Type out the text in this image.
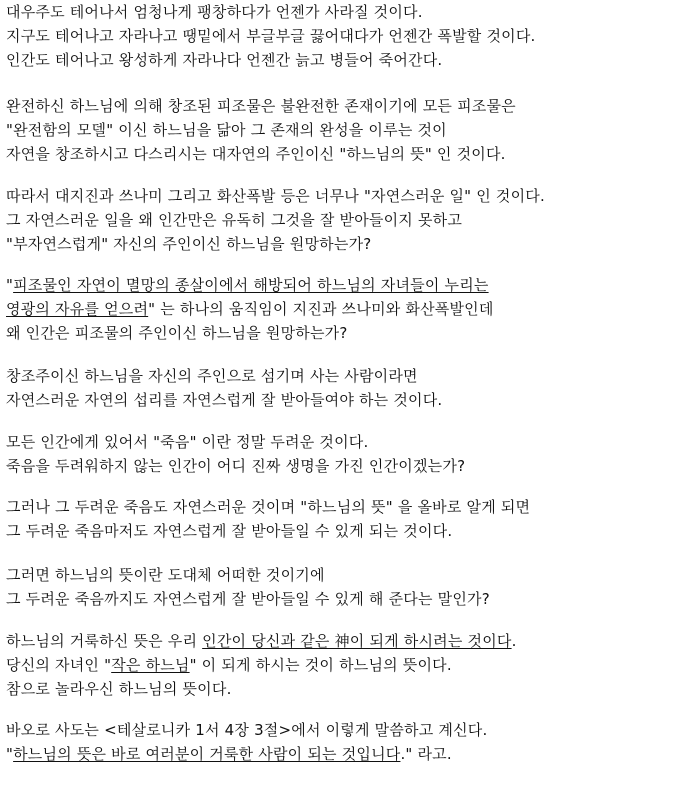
대우주도 테어나서 엄청나게 팽창하다가 언젠가 사라질 것이다.
지구도 테어나고 자라나고 땡밑에서 부글부글 끓어대다가 언젠간 폭발할 것이다.
인간도 테어나고 왕성하게 자라나다 언젠간 늙고 병들어 죽어간다.
완전하신 하느님에 의해 창조된 피조물은 불완전한 존재이기에 모든 피조물은
"완전함의 모델" 이신 하느님을 닮아 그 존재의 완성을 이루는 것이
자연을 창조하시고 다스리시는 대자연의 주인이신 "하느님의 뜻" 인 것이다.
따라서 대지진과 쓰나미 그리고 화산폭발 등은 너무나 "자연스러운 일" 인 것이다.
그 자연스러운 일을 왜 인간만은 유독히 그것을 잘 받아들이지 못하고
"부자연스럽게" 자신의 주인이신 하느님을 원망하는가?
"피조물인 자연이 멸망의 종살이에서 해방되어 하느님의 자녀들이 누리는
영광의 자유를 얻으려" 는 하나의 움직임이 지진과 쓰나미와 화산폭발인데
왜 인간은 피조물의 주인이신 하느님을 원망하는가?
창조주이신 하느님을 자신의 주인으로 섬기며 사는 사람이라면
자연스러운 자연의 섭리를 자연스럽게 잘 받아들여야 하는 것이다.
모든 인간에게 있어서 "죽음" 이란 정말 두려운 것이다.
죽음을 두려워하지 않는 인간이 어디 진짜 생명을 가진 인간이겠는가?
그러나 그 두려운 죽음도 자연스러운 것이며 "하느님의 뜻" 을 올바로 알게 되면
그 두려운 죽음마저도 자연스럽게 잘 받아들일 수 있게 되는 것이다.
그러면 하느님의 뜻이란 도대체 어떠한 것이기에
그 두려운 죽음까지도 자연스럽게 잘 받아들일 수 있게 해 준다는 말인가?
하느님의 거룩하신 뜻은 우리 인간이 당신과 같은 神이 되게 하시려는 것이다.
당신의 자녀인 "작은 하느님" 이 되게 하시는 것이 하느님의 뜻이다.
참으로 놀라우신 하느님의 뜻이다.
바오로 사도는 <테살로니카 1서 4장 3절>에서 이렇게 말씀하고 계신다.
"하느님의 뜻은 바로 여러분이 거룩한 사람이 되는 것입니다." 라고.
